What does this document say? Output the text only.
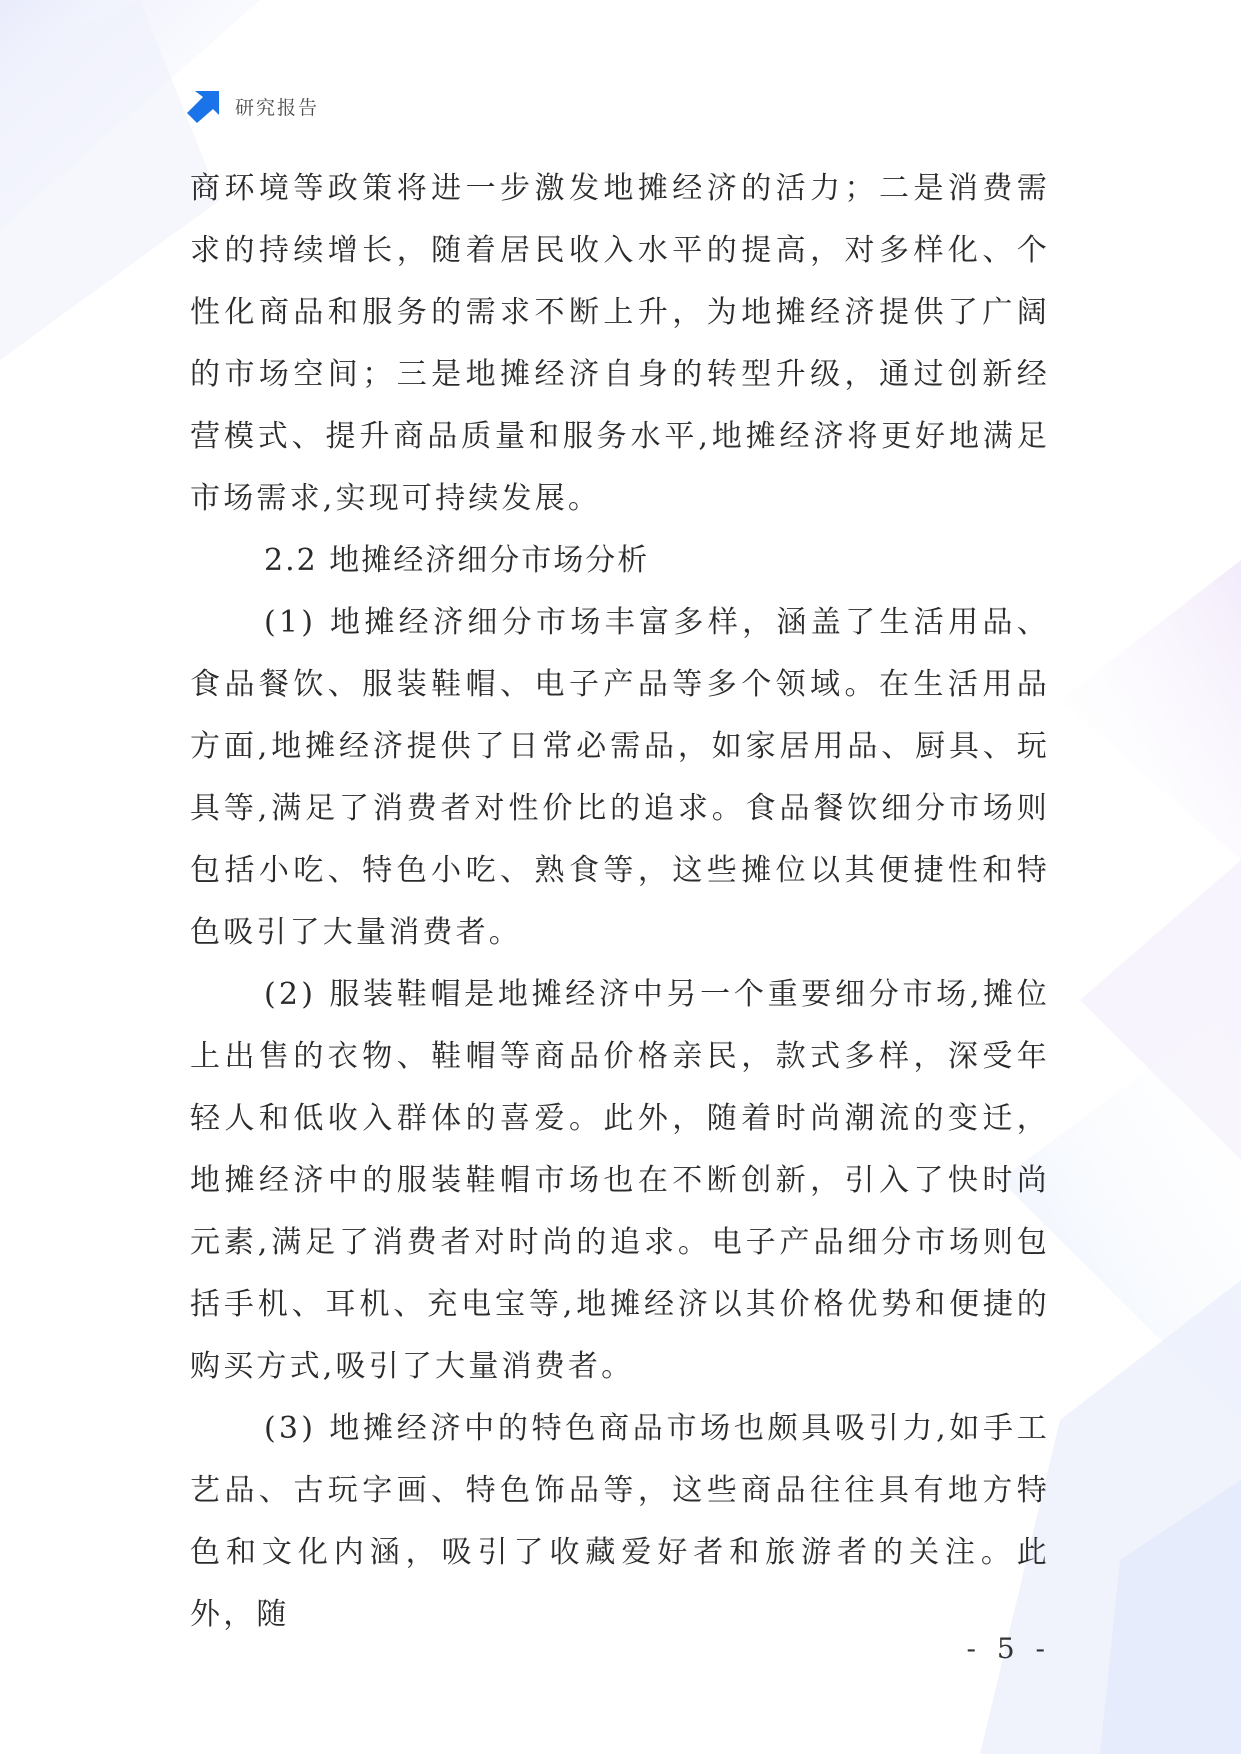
研究报告

商环境等政策将进一步激发地摊经济的活力；二是消费需求的持续增长，随着居民收入水平的提高，对多样化、个性化商品和服务的需求不断上升，为地摊经济提供了广阔的市场空间；三是地摊经济自身的转型升级，通过创新经营模式、提升商品质量和服务水平,地摊经济将更好地满足市场需求,实现可持续发展。

2.2 地摊经济细分市场分析

(1) 地摊经济细分市场丰富多样，涵盖了生活用品、食品餐饮、服装鞋帽、电子产品等多个领域。在生活用品方面,地摊经济提供了日常必需品，如家居用品、厨具、玩具等,满足了消费者对性价比的追求。食品餐饮细分市场则包括小吃、特色小吃、熟食等，这些摊位以其便捷性和特色吸引了大量消费者。

(2) 服装鞋帽是地摊经济中另一个重要细分市场,摊位上出售的衣物、鞋帽等商品价格亲民，款式多样，深受年轻人和低收入群体的喜爱。此外，随着时尚潮流的变迁，地摊经济中的服装鞋帽市场也在不断创新，引入了快时尚元素,满足了消费者对时尚的追求。电子产品细分市场则包括手机、耳机、充电宝等,地摊经济以其价格优势和便捷的购买方式,吸引了大量消费者。

(3) 地摊经济中的特色商品市场也颇具吸引力,如手工艺品、古玩字画、特色饰品等，这些商品往往具有地方特色和文化内涵，吸引了收藏爱好者和旅游者的关注。此外，随

- 5 -
